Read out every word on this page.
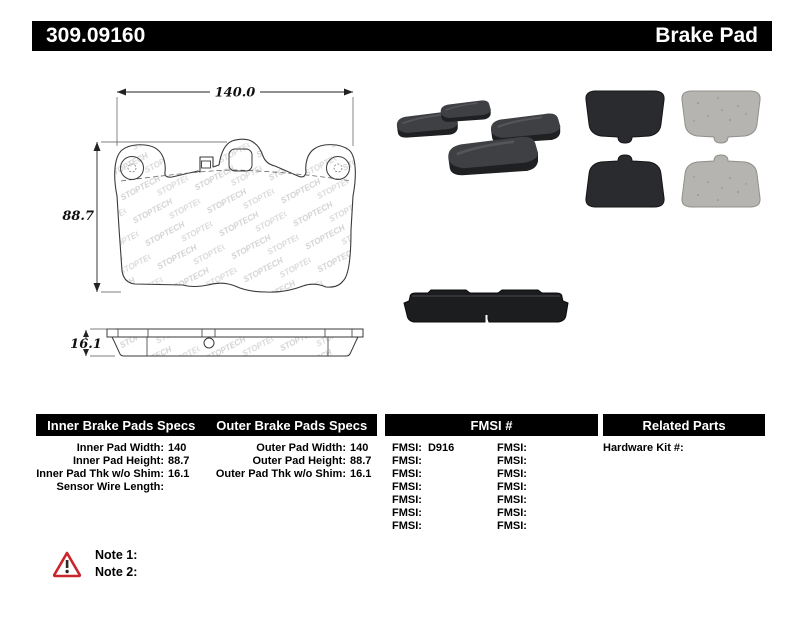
309.09160	Brake Pad
140.0
88.7
16.1
Inner Brake Pads Specs	Outer Brake Pads Specs	FMSI #	Related Parts
Inner Pad Width: 140
Inner Pad Height: 88.7
Inner Pad Thk w/o Shim: 16.1
Sensor Wire Length:
Outer Pad Width: 140
Outer Pad Height: 88.7
Outer Pad Thk w/o Shim: 16.1
FMSI: D916
FMSI:
FMSI:
FMSI:
FMSI:
FMSI:
FMSI:
FMSI:
FMSI:
FMSI:
FMSI:
FMSI:
FMSI:
FMSI:
Hardware Kit #:
Note 1:
Note 2:
